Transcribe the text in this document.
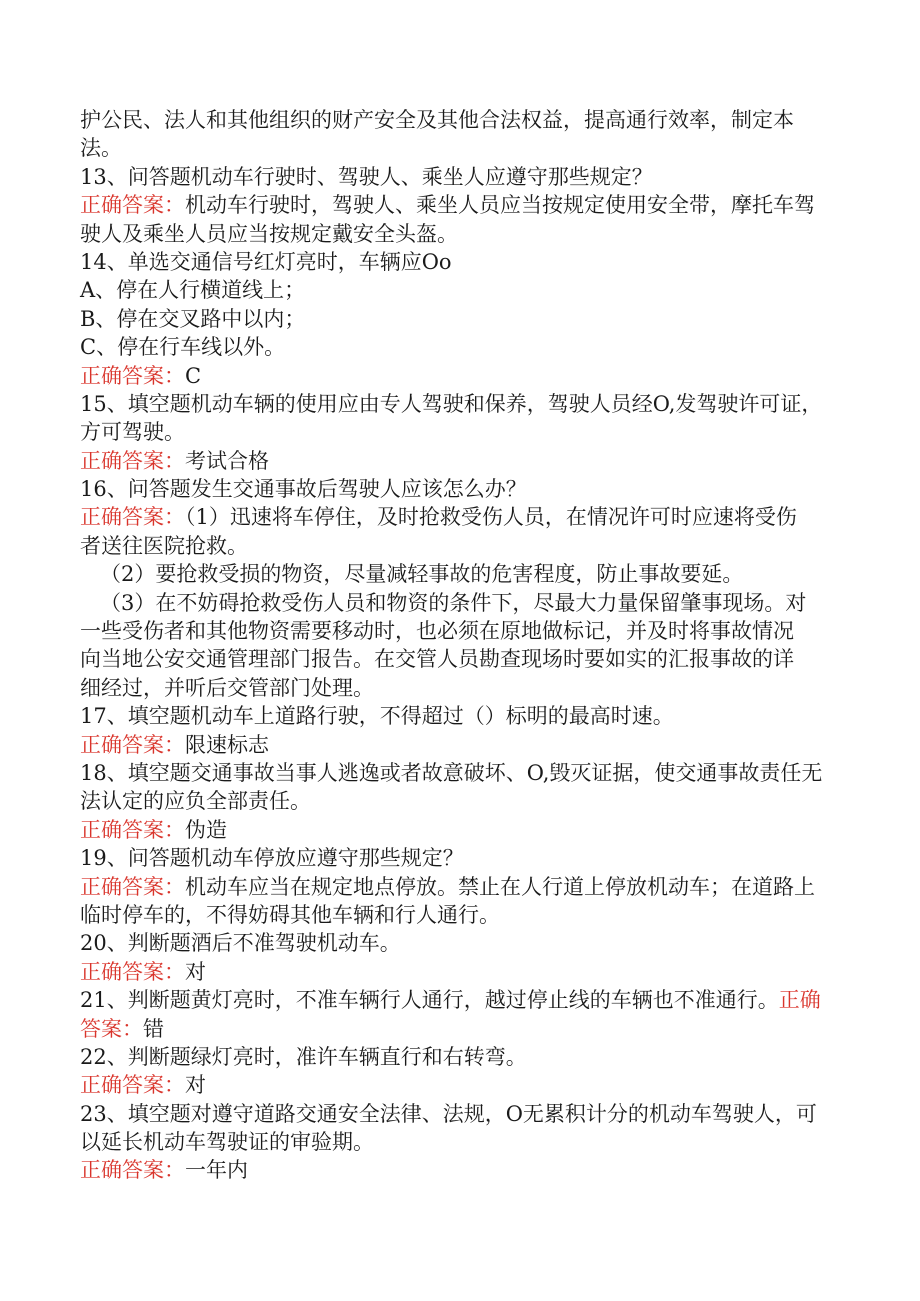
护公民、法人和其他组织的财产安全及其他合法权益，提高通行效率，制定本
法。
13、问答题机动车行驶时、驾驶人、乘坐人应遵守那些规定？
正确答案：机动车行驶时，驾驶人、乘坐人员应当按规定使用安全带，摩托车驾
驶人及乘坐人员应当按规定戴安全头盔。
14、单选交通信号红灯亮时，车辆应Oo
A、停在人行横道线上；
B、停在交叉路中以内；
C、停在行车线以外。
正确答案：C
15、填空题机动车辆的使用应由专人驾驶和保养，驾驶人员经O,发驾驶许可证，
方可驾驶。
正确答案：考试合格
16、问答题发生交通事故后驾驶人应该怎么办？
正确答案：（1）迅速将车停住，及时抢救受伤人员，在情况许可时应速将受伤
者送往医院抢救。
（2）要抢救受损的物资，尽量减轻事故的危害程度，防止事故要延。
（3）在不妨碍抢救受伤人员和物资的条件下，尽最大力量保留肇事现场。对
一些受伤者和其他物资需要移动时，也必须在原地做标记，并及时将事故情况
向当地公安交通管理部门报告。在交管人员勘查现场时要如实的汇报事故的详
细经过，并听后交管部门处理。
17、填空题机动车上道路行驶，不得超过（）标明的最高时速。
正确答案：限速标志
18、填空题交通事故当事人逃逸或者故意破坏、O,毁灭证据，使交通事故责任无
法认定的应负全部责任。
正确答案：伪造
19、问答题机动车停放应遵守那些规定？
正确答案：机动车应当在规定地点停放。禁止在人行道上停放机动车；在道路上
临时停车的，不得妨碍其他车辆和行人通行。
20、判断题酒后不准驾驶机动车。
正确答案：对
21、判断题黄灯亮时，不准车辆行人通行，越过停止线的车辆也不准通行。正确
答案：错
22、判断题绿灯亮时，准许车辆直行和右转弯。
正确答案：对
23、填空题对遵守道路交通安全法律、法规，O无累积计分的机动车驾驶人，可
以延长机动车驾驶证的审验期。
正确答案：一年内
